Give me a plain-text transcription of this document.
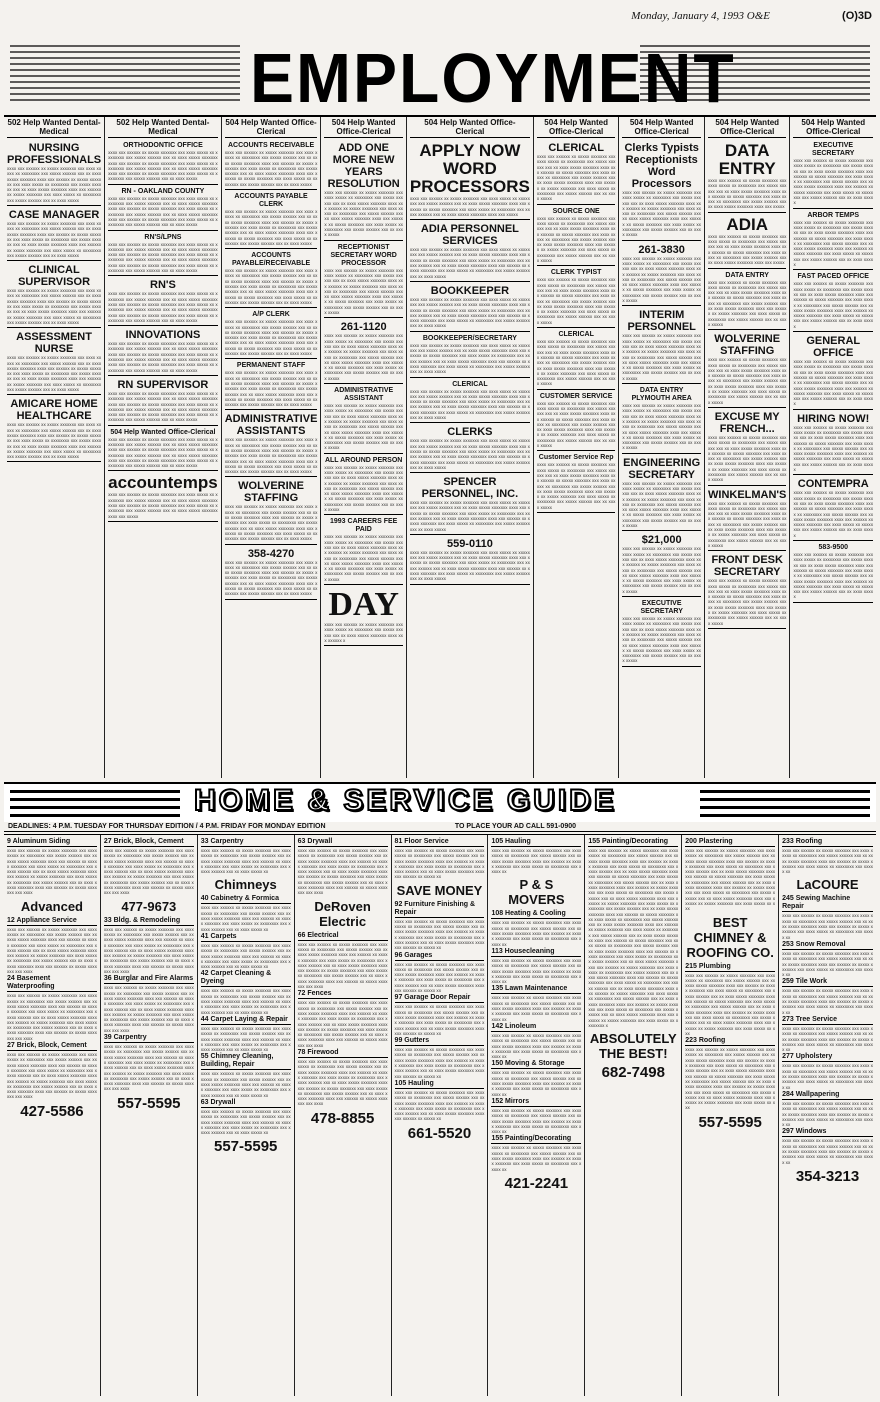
Monday, January 4, 1993 O&E	(O)3D
EMPLOYMENT
502 Help Wanted Dental-Medical
NURSING PROFESSIONALS
xxxx xxx xxxxxx xx xxxxx xxxxxxx xxx xxxx xxxxx xx xxxxxxxx xxx xxxxx xxxxxx xxx xx xxxx xxxxx xxxxxxx xxxx xxx xxxxxx xx xxxxx xxxxxxx xxx xxxx xxxxx xx xxxxxxxx xxx xxxxx xxxxxx xxx xx xxxx xxxxx xxxxxxx xxxx xxx xxxxxx xx xxxxx xxxxxxx xxx xxxx xxxxx xx xxxxxxxx xxx xxxxx xxxxxx xxx xx xxxx xxxxx
CASE MANAGER
xxxx xxx xxxxxx xx xxxxx xxxxxxx xxx xxxx xxxxx xx xxxxxxxx xxx xxxxx xxxxxx xxx xx xxxx xxxxx xxxxxxx xxxx xxx xxxxxx xx xxxxx xxxxxxx xxx xxxx xxxxx xx xxxxxxxx xxx xxxxx xxxxxx xxx xx xxxx xxxxx xxxxxxx xxxx xxx xxxxxx xx xxxxx xxxxxxx xxx xxxx xxxxx xx xxxxxxxx xxx xxxxx xxxxxx xxx xx xxxx xxxxx
CLINICAL SUPERVISOR
xxxx xxx xxxxxx xx xxxxx xxxxxxx xxx xxxx xxxxx xx xxxxxxxx xxx xxxxx xxxxxx xxx xx xxxx xxxxx xxxxxxx xxxx xxx xxxxxx xx xxxxx xxxxxxx xxx xxxx xxxxx xx xxxxxxxx xxx xxxxx xxxxxx xxx xx xxxx xxxxx xxxxxxx xxxx xxx xxxxxx xx xxxxx xxxxxxx xxx xxxx xxxxx xx xxxxxxxx xxx xxxxx xxxxxx xxx xx xxxx xxxxx
ASSESSMENT NURSE
xxxx xxx xxxxxx xx xxxxx xxxxxxx xxx xxxx xxxxx xx xxxxxxxx xxx xxxxx xxxxxx xxx xx xxxx xxxxx xxxxxxx xxxx xxx xxxxxx xx xxxxx xxxxxxx xxx xxxx xxxxx xx xxxxxxxx xxx xxxxx xxxxxx xxx xx xxxx xxxxx xxxxxxx xxxx xxx xxxxxx xx xxxxx xxxxxxx xxx xxxx xxxxx xx xxxxxxxx xxx xxxxx xxxxxx xxx xx xxxx xxxxx
AMICARE HOME HEALTHCARE
xxxx xxx xxxxxx xx xxxxx xxxxxxx xxx xxxx xxxxx xx xxxxxxxx xxx xxxxx xxxxxx xxx xx xxxx xxxxx xxxxxxx xxxx xxx xxxxxx xx xxxxx xxxxxxx xxx xxxx xxxxx xx xxxxxxxx xxx xxxxx xxxxxx xxx xx xxxx xxxxx xxxxxxx xxxx xxx xxxxxx xx xxxxx xxxxxxx xxx xxxx xxxxx xx xxxxxxxx xxx xxxxx xxxxxx xxx xx xxxx xxxxx
502 Help Wanted Dental-Medical
ORTHODONTIC OFFICE
xxxx xxx xxxxxx xx xxxxx xxxxxxx xxx xxxx xxxxx xx xxxxxxxx xxx xxxxx xxxxxx xxx xx xxxx xxxxx xxxxxxx xxxx xxx xxxxxx xx xxxxx xxxxxxx xxx xxxx xxxxx xx xxxxxxxx xxx xxxxx xxxxxx xxx xx xxxx xxxxx xxxxxxx xxxx xxx xxxxxx xx xxxxx xxxxxxx xxx xxxx xxxxx xx xxxxxxxx xxx xxxxx xxxxxx xxx xx xxxx xxxxx
RN - OAKLAND COUNTY
xxxx xxx xxxxxx xx xxxxx xxxxxxx xxx xxxx xxxxx xx xxxxxxxx xxx xxxxx xxxxxx xxx xx xxxx xxxxx xxxxxxx xxxx xxx xxxxxx xx xxxxx xxxxxxx xxx xxxx xxxxx xx xxxxxxxx xxx xxxxx xxxxxx xxx xx xxxx xxxxx xxxxxxx xxxx xxx xxxxxx xx xxxxx xxxxxxx xxx xxxx xxxxx xx xxxxxxxx xxx xxxxx xxxxxx xxx xx xxxx xxxxx
RN'S/LPNS
xxxx xxx xxxxxx xx xxxxx xxxxxxx xxx xxxx xxxxx xx xxxxxxxx xxx xxxxx xxxxxx xxx xx xxxx xxxxx xxxxxxx xxxx xxx xxxxxx xx xxxxx xxxxxxx xxx xxxx xxxxx xx xxxxxxxx xxx xxxxx xxxxxx xxx xx xxxx xxxxx xxxxxxx xxxx xxx xxxxxx xx xxxxx xxxxxxx xxx xxxx xxxxx xx xxxxxxxx xxx xxxxx xxxxxx xxx xx xxxx xxxxx
RN'S
xxxx xxx xxxxxx xx xxxxx xxxxxxx xxx xxxx xxxxx xx xxxxxxxx xxx xxxxx xxxxxx xxx xx xxxx xxxxx xxxxxxx xxxx xxx xxxxxx xx xxxxx xxxxxxx xxx xxxx xxxxx xx xxxxxxxx xxx xxxxx xxxxxx xxx xx xxxx xxxxx xxxxxxx xxxx xxx xxxxxx xx xxxxx xxxxxxx xxx xxxx xxxxx xx xxxxxxxx xxx xxxxx xxxxxx xxx xx xxxx xxxxx
INNOVATIONS
xxxx xxx xxxxxx xx xxxxx xxxxxxx xxx xxxx xxxxx xx xxxxxxxx xxx xxxxx xxxxxx xxx xx xxxx xxxxx xxxxxxx xxxx xxx xxxxxx xx xxxxx xxxxxxx xxx xxxx xxxxx xx xxxxxxxx xxx xxxxx xxxxxx xxx xx xxxx xxxxx xxxxxxx xxxx xxx xxxxxx xx xxxxx xxxxxxx xxx xxxx xxxxx xx xxxxxxxx xxx xxxxx xxxxxx xxx xx xxxx xxxxx
RN SUPERVISOR
xxxx xxx xxxxxx xx xxxxx xxxxxxx xxx xxxx xxxxx xx xxxxxxxx xxx xxxxx xxxxxx xxx xx xxxx xxxxx xxxxxxx xxxx xxx xxxxxx xx xxxxx xxxxxxx xxx xxxx xxxxx xx xxxxxxxx xxx xxxxx xxxxxx xxx xx xxxx xxxxx xxxxxxx xxxx xxx xxxxxx xx xxxxx xxxxxxx xxx xxxx xxxxx xx xxxxxxxx xxx xxxxx xxxxxx xxx xx xxxx xxxxx
504 Help Wanted Office-Clerical
xxxx xxx xxxxxx xx xxxxx xxxxxxx xxx xxxx xxxxx xx xxxxxxxx xxx xxxxx xxxxxx xxx xx xxxx xxxxx xxxxxxx xxxx xxx xxxxxx xx xxxxx xxxxxxx xxx xxxx xxxxx xx xxxxxxxx xxx xxxxx xxxxxx xxx xx xxxx xxxxx xxxxxxx xxxx xxx xxxxxx xx xxxxx xxxxxxx xxx xxxx xxxxx xx xxxxxxxx xxx xxxxx xxxxxx xxx xx xxxx xxxxx
accountemps
xxxx xxx xxxxxx xx xxxxx xxxxxxx xxx xxxx xxxxx xx xxxxxxxx xxx xxxxx xxxxxx xxx xx xxxx xxxxx xxxxxxx xxxx xxx xxxxxx xx xxxxx xxxxxxx xxx xxxx xxxxx xx xxxxxxxx xxx xxxxx xxxxxx xxx xx xxxx xxxxx xxxxxxx xxxx xxx xxxxx
504 Help Wanted Office-Clerical
ACCOUNTS RECEIVABLE
xxxx xxx xxxxxx xx xxxxx xxxxxxx xxx xxxx xxxxx xx xxxxxxxx xxx xxxxx xxxxxx xxx xx xxxx xxxxx xxxxxxx xxxx xxx xxxxxx xx xxxxx xxxxxxx xxx xxxx xxxxx xx xxxxxxxx xxx xxxxx xxxxxx xxx xx xxxx xxxxx xxxxxxx xxxx xxx xxxxxx xx xxxxx xxxxxxx xxx xxxx xxxxx xx xxxxxxxx xxx xxxxx xxxxxx xxx xx xxxx xxxxx
ACCOUNTS PAYABLE CLERK
xxxx xxx xxxxxx xx xxxxx xxxxxxx xxx xxxx xxxxx xx xxxxxxxx xxx xxxxx xxxxxx xxx xx xxxx xxxxx xxxxxxx xxxx xxx xxxxxx xx xxxxx xxxxxxx xxx xxxx xxxxx xx xxxxxxxx xxx xxxxx xxxxxx xxx xx xxxx xxxxx xxxxxxx xxxx xxx xxxxxx xx xxxxx xxxxxxx xxx xxxx xxxxx xx xxxxxxxx xxx xxxxx xxxxxx xxx xx xxxx xxxxx
ACCOUNTS PAYABLE/RECEIVABLE
xxxx xxx xxxxxx xx xxxxx xxxxxxx xxx xxxx xxxxx xx xxxxxxxx xxx xxxxx xxxxxx xxx xx xxxx xxxxx xxxxxxx xxxx xxx xxxxxx xx xxxxx xxxxxxx xxx xxxx xxxxx xx xxxxxxxx xxx xxxxx xxxxxx xxx xx xxxx xxxxx xxxxxxx xxxx xxx xxxxxx xx xxxxx xxxxxxx xxx xxxx xxxxx xx xxxxxxxx xxx xxxxx xxxxxx xxx xx xxxx xxxxx
A/P CLERK
xxxx xxx xxxxxx xx xxxxx xxxxxxx xxx xxxx xxxxx xx xxxxxxxx xxx xxxxx xxxxxx xxx xx xxxx xxxxx xxxxxxx xxxx xxx xxxxxx xx xxxxx xxxxxxx xxx xxxx xxxxx xx xxxxxxxx xxx xxxxx xxxxxx xxx xx xxxx xxxxx xxxxxxx xxxx xxx xxxxxx xx xxxxx xxxxxxx xxx xxxx xxxxx xx xxxxxxxx xxx xxxxx xxxxxx xxx xx xxxx xxxxx
PERMANENT STAFF
xxxx xxx xxxxxx xx xxxxx xxxxxxx xxx xxxx xxxxx xx xxxxxxxx xxx xxxxx xxxxxx xxx xx xxxx xxxxx xxxxxxx xxxx xxx xxxxxx xx xxxxx xxxxxxx xxx xxxx xxxxx xx xxxxxxxx xxx xxxxx xxxxxx xxx xx xxxx xxxxx xxxxxxx xxxx xxx xxxxxx xx xxxxx xxxxxxx xxx xxxx xxxxx xx xxxxxxxx xxx xxxxx xxxxxx xxx xx xxxx xxxxx
ADMINISTRATIVE ASSISTANTS
xxxx xxx xxxxxx xx xxxxx xxxxxxx xxx xxxx xxxxx xx xxxxxxxx xxx xxxxx xxxxxx xxx xx xxxx xxxxx xxxxxxx xxxx xxx xxxxxx xx xxxxx xxxxxxx xxx xxxx xxxxx xx xxxxxxxx xxx xxxxx xxxxxx xxx xx xxxx xxxxx xxxxxxx xxxx xxx xxxxxx xx xxxxx xxxxxxx xxx xxxx xxxxx xx xxxxxxxx xxx xxxxx xxxxxx xxx xx xxxx xxxxx
WOLVERINE STAFFING
xxxx xxx xxxxxx xx xxxxx xxxxxxx xxx xxxx xxxxx xx xxxxxxxx xxx xxxxx xxxxxx xxx xx xxxx xxxxx xxxxxxx xxxx xxx xxxxxx xx xxxxx xxxxxxx xxx xxxx xxxxx xx xxxxxxxx xxx xxxxx xxxxxx xxx xx xxxx xxxxx xxxxxxx xxxx xxx xxxxxx xx xxxxx xxxxxxx xxx xxxx xxxxx xx xxxxxxxx xxx xxxxx xxxxxx xxx xx xxxx xxxxx
358-4270
xxxx xxx xxxxxx xx xxxxx xxxxxxx xxx xxxx xxxxx xx xxxxxxxx xxx xxxxx xxxxxx xxx xx xxxx xxxxx xxxxxxx xxxx xxx xxxxxx xx xxxxx xxxxxxx xxx xxxx xxxxx xx xxxxxxxx xxx xxxxx xxxxxx xxx xx xxxx xxxxx xxxxxxx xxxx xxx xxxxxx xx xxxxx xxxxxxx xxx xxxx xxxxx xx xxxxxxxx xxx xxxxx xxxxxx xxx xx xxxx xxxxx
504 Help Wanted Office-Clerical
ADD ONE MORE NEW YEARS RESOLUTION
xxxx xxx xxxxxx xx xxxxx xxxxxxx xxx xxxx xxxxx xx xxxxxxxx xxx xxxxx xxxxxx xxx xx xxxx xxxxx xxxxxxx xxxx xxx xxxxxx xx xxxxx xxxxxxx xxx xxxx xxxxx xx xxxxxxxx xxx xxxxx xxxxxx xxx xx xxxx xxxxx xxxxxxx xxxx xxx xxxxxx xx xxxxx xxxxxxx xxx xxxx xxxxx xx xxxxxxxx xxx xxxxx xxxxxx xxx xx xxxx xxxxx
RECEPTIONIST SECRETARY WORD PROCESSOR
xxxx xxx xxxxxx xx xxxxx xxxxxxx xxx xxxx xxxxx xx xxxxxxxx xxx xxxxx xxxxxx xxx xx xxxx xxxxx xxxxxxx xxxx xxx xxxxxx xx xxxxx xxxxxxx xxx xxxx xxxxx xx xxxxxxxx xxx xxxxx xxxxxx xxx xx xxxx xxxxx xxxxxxx xxxx xxx xxxxxx xx xxxxx xxxxxxx xxx xxxx xxxxx xx xxxxxxxx xxx xxxxx xxxxxx xxx xx xxxx xxxxx
261-1120
xxxx xxx xxxxxx xx xxxxx xxxxxxx xxx xxxx xxxxx xx xxxxxxxx xxx xxxxx xxxxxx xxx xx xxxx xxxxx xxxxxxx xxxx xxx xxxxxx xx xxxxx xxxxxxx xxx xxxx xxxxx xx xxxxxxxx xxx xxxxx xxxxxx xxx xx xxxx xxxxx xxxxxxx xxxx xxx xxxxxx xx xxxxx xxxxxxx xxx xxxx xxxxx xx xxxxxxxx xxx xxxxx xxxxxx xxx xx xxxx xxxxx
ADMINISTRATIVE ASSISTANT
xxxx xxx xxxxxx xx xxxxx xxxxxxx xxx xxxx xxxxx xx xxxxxxxx xxx xxxxx xxxxxx xxx xx xxxx xxxxx xxxxxxx xxxx xxx xxxxxx xx xxxxx xxxxxxx xxx xxxx xxxxx xx xxxxxxxx xxx xxxxx xxxxxx xxx xx xxxx xxxxx xxxxxxx xxxx xxx xxxxxx xx xxxxx xxxxxxx xxx xxxx xxxxx xx xxxxxxxx xxx xxxxx xxxxxx xxx xx xxxx xxxxx
ALL AROUND PERSON
xxxx xxx xxxxxx xx xxxxx xxxxxxx xxx xxxx xxxxx xx xxxxxxxx xxx xxxxx xxxxxx xxx xx xxxx xxxxx xxxxxxx xxxx xxx xxxxxx xx xxxxx xxxxxxx xxx xxxx xxxxx xx xxxxxxxx xxx xxxxx xxxxxx xxx xx xxxx xxxxx xxxxxxx xxxx xxx xxxxxx xx xxxxx xxxxxxx xxx xxxx xxxxx xx xxxxxxxx xxx xxxxx xxxxxx xxx xx xxxx xxxxx
1993 CAREERS FEE PAID
xxxx xxx xxxxxx xx xxxxx xxxxxxx xxx xxxx xxxxx xx xxxxxxxx xxx xxxxx xxxxxx xxx xx xxxx xxxxx xxxxxxx xxxx xxx xxxxxx xx xxxxx xxxxxxx xxx xxxx xxxxx xx xxxxxxxx xxx xxxxx xxxxxx xxx xx xxxx xxxxx xxxxxxx xxxx xxx xxxxxx xx xxxxx xxxxxxx xxx xxxx xxxxx xx xxxxxxxx xxx xxxxx xxxxxx xxx xx xxxx xxxxx
DAY
xxxx xxx xxxxxx xx xxxxx xxxxxxx xxx xxxx xxxxx xx xxxxxxxx xxx xxxxx xxxxxx xxx xx xxxx xxxxx xxxxxxx xxxx xxx xxxxxx x
504 Help Wanted Office-Clerical
APPLY NOW WORD PROCESSORS
xxxx xxx xxxxxx xx xxxxx xxxxxxx xxx xxxx xxxxx xx xxxxxxxx xxx xxxxx xxxxxx xxx xx xxxx xxxxx xxxxxxx xxxx xxx xxxxxx xx xxxxx xxxxxxx xxx xxxx xxxxx xx xxxxxxxx xxx xxxxx xxxxxx xxx xx xxxx xxxxx xxxxxxx xxxx xxx xxxxx
ADIA PERSONNEL SERVICES
xxxx xxx xxxxxx xx xxxxx xxxxxxx xxx xxxx xxxxx xx xxxxxxxx xxx xxxxx xxxxxx xxx xx xxxx xxxxx xxxxxxx xxxx xxx xxxxxx xx xxxxx xxxxxxx xxx xxxx xxxxx xx xxxxxxxx xxx xxxxx xxxxxx xxx xx xxxx xxxxx xxxxxxx xxxx xxx xxxxxx xx xxxxx xxxxxxx xxx xxxx xxxxx xx xxxxxxxx xxx xxxxx xxxxxx xxx xx xxxx xxxxx
BOOKKEEPER
xxxx xxx xxxxxx xx xxxxx xxxxxxx xxx xxxx xxxxx xx xxxxxxxx xxx xxxxx xxxxxx xxx xx xxxx xxxxx xxxxxxx xxxx xxx xxxxxx xx xxxxx xxxxxxx xxx xxxx xxxxx xx xxxxxxxx xxx xxxxx xxxxxx xxx xx xxxx xxxxx xxxxxxx xxxx xxx xxxxxx xx xxxxx xxxxxxx xxx xxxx xxxxx xx xxxxxxxx xxx xxxxx xxxxxx xxx xx xxxx xxxxx
BOOKKEEPER/SECRETARY
xxxx xxx xxxxxx xx xxxxx xxxxxxx xxx xxxx xxxxx xx xxxxxxxx xxx xxxxx xxxxxx xxx xx xxxx xxxxx xxxxxxx xxxx xxx xxxxxx xx xxxxx xxxxxxx xxx xxxx xxxxx xx xxxxxxxx xxx xxxxx xxxxxx xxx xx xxxx xxxxx xxxxxxx xxxx xxx xxxxxx xx xxxxx xxxxxxx xxx xxxx xxxxx xx xxxxxxxx xxx xxxxx xxxxxx xxx xx xxxx xxxxx
CLERICAL
xxxx xxx xxxxxx xx xxxxx xxxxxxx xxx xxxx xxxxx xx xxxxxxxx xxx xxxxx xxxxxx xxx xx xxxx xxxxx xxxxxxx xxxx xxx xxxxxx xx xxxxx xxxxxxx xxx xxxx xxxxx xx xxxxxxxx xxx xxxxx xxxxxx xxx xx xxxx xxxxx xxxxxxx xxxx xxx xxxxxx xx xxxxx xxxxxxx xxx xxxx xxxxx xx xxxxxxxx xxx xxxxx xxxxxx xxx xx xxxx xxxxx
CLERKS
xxxx xxx xxxxxx xx xxxxx xxxxxxx xxx xxxx xxxxx xx xxxxxxxx xxx xxxxx xxxxxx xxx xx xxxx xxxxx xxxxxxx xxxx xxx xxxxxx xx xxxxx xxxxxxx xxx xxxx xxxxx xx xxxxxxxx xxx xxxxx xxxxxx xxx xx xxxx xxxxx xxxxxxx xxxx xxx xxxxxx xx xxxxx xxxxxxx xxx xxxx xxxxx xx xxxxxxxx xxx xxxxx xxxxxx xxx xx xxxx xxxxx
SPENCER PERSONNEL, INC.
xxxx xxx xxxxxx xx xxxxx xxxxxxx xxx xxxx xxxxx xx xxxxxxxx xxx xxxxx xxxxxx xxx xx xxxx xxxxx xxxxxxx xxxx xxx xxxxxx xx xxxxx xxxxxxx xxx xxxx xxxxx xx xxxxxxxx xxx xxxxx xxxxxx xxx xx xxxx xxxxx xxxxxxx xxxx xxx xxxxxx xx xxxxx xxxxxxx xxx xxxx xxxxx xx xxxxxxxx xxx xxxxx xxxxxx xxx xx xxxx xxxxx
559-0110
xxxx xxx xxxxxx xx xxxxx xxxxxxx xxx xxxx xxxxx xx xxxxxxxx xxx xxxxx xxxxxx xxx xx xxxx xxxxx xxxxxxx xxxx xxx xxxxxx xx xxxxx xxxxxxx xxx xxxx xxxxx xx xxxxxxxx xxx xxxxx xxxxxx xxx xx xxxx xxxxx xxxxxxx xxxx xxx xxxxxx xx xxxxx xxxxxxx xxx xxxx xxxxx xx xxxxxxxx xxx xxxxx xxxxxx xxx xx xxxx xxxxx
504 Help Wanted Office-Clerical
CLERICAL
xxxx xxx xxxxxx xx xxxxx xxxxxxx xxx xxxx xxxxx xx xxxxxxxx xxx xxxxx xxxxxx xxx xx xxxx xxxxx xxxxxxx xxxx xxx xxxxxx xx xxxxx xxxxxxx xxx xxxx xxxxx xx xxxxxxxx xxx xxxxx xxxxxx xxx xx xxxx xxxxx xxxxxxx xxxx xxx xxxxxx xx xxxxx xxxxxxx xxx xxxx xxxxx xx xxxxxxxx xxx xxxxx xxxxxx xxx xx xxxx xxxxx
SOURCE ONE
xxxx xxx xxxxxx xx xxxxx xxxxxxx xxx xxxx xxxxx xx xxxxxxxx xxx xxxxx xxxxxx xxx xx xxxx xxxxx xxxxxxx xxxx xxx xxxxxx xx xxxxx xxxxxxx xxx xxxx xxxxx xx xxxxxxxx xxx xxxxx xxxxxx xxx xx xxxx xxxxx xxxxxxx xxxx xxx xxxxxx xx xxxxx xxxxxxx xxx xxxx xxxxx xx xxxxxxxx xxx xxxxx xxxxxx xxx xx xxxx xxxxx
CLERK TYPIST
xxxx xxx xxxxxx xx xxxxx xxxxxxx xxx xxxx xxxxx xx xxxxxxxx xxx xxxxx xxxxxx xxx xx xxxx xxxxx xxxxxxx xxxx xxx xxxxxx xx xxxxx xxxxxxx xxx xxxx xxxxx xx xxxxxxxx xxx xxxxx xxxxxx xxx xx xxxx xxxxx xxxxxxx xxxx xxx xxxxxx xx xxxxx xxxxxxx xxx xxxx xxxxx xx xxxxxxxx xxx xxxxx xxxxxx xxx xx xxxx xxxxx
CLERICAL
xxxx xxx xxxxxx xx xxxxx xxxxxxx xxx xxxx xxxxx xx xxxxxxxx xxx xxxxx xxxxxx xxx xx xxxx xxxxx xxxxxxx xxxx xxx xxxxxx xx xxxxx xxxxxxx xxx xxxx xxxxx xx xxxxxxxx xxx xxxxx xxxxxx xxx xx xxxx xxxxx xxxxxxx xxxx xxx xxxxxx xx xxxxx xxxxxxx xxx xxxx xxxxx xx xxxxxxxx xxx xxxxx xxxxxx xxx xx xxxx xxxxx
CUSTOMER SERVICE
xxxx xxx xxxxxx xx xxxxx xxxxxxx xxx xxxx xxxxx xx xxxxxxxx xxx xxxxx xxxxxx xxx xx xxxx xxxxx xxxxxxx xxxx xxx xxxxxx xx xxxxx xxxxxxx xxx xxxx xxxxx xx xxxxxxxx xxx xxxxx xxxxxx xxx xx xxxx xxxxx xxxxxxx xxxx xxx xxxxxx xx xxxxx xxxxxxx xxx xxxx xxxxx xx xxxxxxxx xxx xxxxx xxxxxx xxx xx xxxx xxxxx
Customer Service Rep
xxxx xxx xxxxxx xx xxxxx xxxxxxx xxx xxxx xxxxx xx xxxxxxxx xxx xxxxx xxxxxx xxx xx xxxx xxxxx xxxxxxx xxxx xxx xxxxxx xx xxxxx xxxxxxx xxx xxxx xxxxx xx xxxxxxxx xxx xxxxx xxxxxx xxx xx xxxx xxxxx xxxxxxx xxxx xxx xxxxxx xx xxxxx xxxxxxx xxx xxxx xxxxx xx xxxxxxxx xxx xxxxx xxxxxx xxx xx xxxx xxxxx
504 Help Wanted Office-Clerical
Clerks Typists Receptionists Word Processors
xxxx xxx xxxxxx xx xxxxx xxxxxxx xxx xxxx xxxxx xx xxxxxxxx xxx xxxxx xxxxxx xxx xx xxxx xxxxx xxxxxxx xxxx xxx xxxxxx xx xxxxx xxxxxxx xxx xxxx xxxxx xx xxxxxxxx xxx xxxxx xxxxxx xxx xx xxxx xxxxx xxxxxxx xxxx xxx xxxxxx xx xxxxx xxxxxxx xxx xxxx xxxxx xx xxxxxxxx xxx xxxxx xxxxxx xxx xx xxxx xxxxx
261-3830
xxxx xxx xxxxxx xx xxxxx xxxxxxx xxx xxxx xxxxx xx xxxxxxxx xxx xxxxx xxxxxx xxx xx xxxx xxxxx xxxxxxx xxxx xxx xxxxxx xx xxxxx xxxxxxx xxx xxxx xxxxx xx xxxxxxxx xxx xxxxx xxxxxx xxx xx xxxx xxxxx xxxxxxx xxxx xxx xxxxxx xx xxxxx xxxxxxx xxx xxxx xxxxx xx xxxxxxxx xxx xxxxx xxxxxx xxx xx xxxx xxxxx
INTERIM PERSONNEL
xxxx xxx xxxxxx xx xxxxx xxxxxxx xxx xxxx xxxxx xx xxxxxxxx xxx xxxxx xxxxxx xxx xx xxxx xxxxx xxxxxxx xxxx xxx xxxxxx xx xxxxx xxxxxxx xxx xxxx xxxxx xx xxxxxxxx xxx xxxxx xxxxxx xxx xx xxxx xxxxx xxxxxxx xxxx xxx xxxxxx xx xxxxx xxxxxxx xxx xxxx xxxxx xx xxxxxxxx xxx xxxxx xxxxxx xxx xx xxxx xxxxx
DATA ENTRY PLYMOUTH AREA
xxxx xxx xxxxxx xx xxxxx xxxxxxx xxx xxxx xxxxx xx xxxxxxxx xxx xxxxx xxxxxx xxx xx xxxx xxxxx xxxxxxx xxxx xxx xxxxxx xx xxxxx xxxxxxx xxx xxxx xxxxx xx xxxxxxxx xxx xxxxx xxxxxx xxx xx xxxx xxxxx xxxxxxx xxxx xxx xxxxxx xx xxxxx xxxxxxx xxx xxxx xxxxx xx xxxxxxxx xxx xxxxx xxxxxx xxx xx xxxx xxxxx
ENGINEERING SECRETARY
xxxx xxx xxxxxx xx xxxxx xxxxxxx xxx xxxx xxxxx xx xxxxxxxx xxx xxxxx xxxxxx xxx xx xxxx xxxxx xxxxxxx xxxx xxx xxxxxx xx xxxxx xxxxxxx xxx xxxx xxxxx xx xxxxxxxx xxx xxxxx xxxxxx xxx xx xxxx xxxxx xxxxxxx xxxx xxx xxxxxx xx xxxxx xxxxxxx xxx xxxx xxxxx xx xxxxxxxx xxx xxxxx xxxxxx xxx xx xxxx xxxxx
$21,000
xxxx xxx xxxxxx xx xxxxx xxxxxxx xxx xxxx xxxxx xx xxxxxxxx xxx xxxxx xxxxxx xxx xx xxxx xxxxx xxxxxxx xxxx xxx xxxxxx xx xxxxx xxxxxxx xxx xxxx xxxxx xx xxxxxxxx xxx xxxxx xxxxxx xxx xx xxxx xxxxx xxxxxxx xxxx xxx xxxxxx xx xxxxx xxxxxxx xxx xxxx xxxxx xx xxxxxxxx xxx xxxxx xxxxxx xxx xx xxxx xxxxx
EXECUTIVE SECRETARY
xxxx xxx xxxxxx xx xxxxx xxxxxxx xxx xxxx xxxxx xx xxxxxxxx xxx xxxxx xxxxxx xxx xx xxxx xxxxx xxxxxxx xxxx xxx xxxxxx xx xxxxx xxxxxxx xxx xxxx xxxxx xx xxxxxxxx xxx xxxxx xxxxxx xxx xx xxxx xxxxx xxxxxxx xxxx xxx xxxxxx xx xxxxx xxxxxxx xxx xxxx xxxxx xx xxxxxxxx xxx xxxxx xxxxxx xxx xx xxxx xxxxx
504 Help Wanted Office-Clerical
DATA ENTRY
xxxx xxx xxxxxx xx xxxxx xxxxxxx xxx xxxx xxxxx xx xxxxxxxx xxx xxxxx xxxxxx xxx xx xxxx xxxxx xxxxxxx xxxx xxx xxxxxx xx xxxxx xxxxxxx xxx xxxx xxxxx xx xxxxxxxx xxx xxxxx xxxxxx xxx xx xxxx xxxxx xxxxxxx xxxx xxx xxxxx
ADIA
xxxx xxx xxxxxx xx xxxxx xxxxxxx xxx xxxx xxxxx xx xxxxxxxx xxx xxxxx xxxxxx xxx xx xxxx xxxxx xxxxxxx xxxx xxx xxxxxx xx xxxxx xxxxxxx xxx xxxx xxxxx xx xxxxxxxx xxx xxxxx xxxxxx xxx xx xxxx xxxxx xxxxxxx xxxx xxx xxxxx
DATA ENTRY
xxxx xxx xxxxxx xx xxxxx xxxxxxx xxx xxxx xxxxx xx xxxxxxxx xxx xxxxx xxxxxx xxx xx xxxx xxxxx xxxxxxx xxxx xxx xxxxxx xx xxxxx xxxxxxx xxx xxxx xxxxx xx xxxxxxxx xxx xxxxx xxxxxx xxx xx xxxx xxxxx xxxxxxx xxxx xxx xxxxxx xx xxxxx xxxxxxx xxx xxxx xxxxx xx xxxxxxxx xxx xxxxx xxxxxx xxx xx xxxx xxxxx
WOLVERINE STAFFING
xxxx xxx xxxxxx xx xxxxx xxxxxxx xxx xxxx xxxxx xx xxxxxxxx xxx xxxxx xxxxxx xxx xx xxxx xxxxx xxxxxxx xxxx xxx xxxxxx xx xxxxx xxxxxxx xxx xxxx xxxxx xx xxxxxxxx xxx xxxxx xxxxxx xxx xx xxxx xxxxx xxxxxxx xxxx xxx xxxxxx xx xxxxx xxxxxxx xxx xxxx xxxxx xx xxxxxxxx xxx xxxxx xxxxxx xxx xx xxxx xxxxx
EXCUSE MY FRENCH...
xxxx xxx xxxxxx xx xxxxx xxxxxxx xxx xxxx xxxxx xx xxxxxxxx xxx xxxxx xxxxxx xxx xx xxxx xxxxx xxxxxxx xxxx xxx xxxxxx xx xxxxx xxxxxxx xxx xxxx xxxxx xx xxxxxxxx xxx xxxxx xxxxxx xxx xx xxxx xxxxx xxxxxxx xxxx xxx xxxxxx xx xxxxx xxxxxxx xxx xxxx xxxxx xx xxxxxxxx xxx xxxxx xxxxxx xxx xx xxxx xxxxx
WINKELMAN'S
xxxx xxx xxxxxx xx xxxxx xxxxxxx xxx xxxx xxxxx xx xxxxxxxx xxx xxxxx xxxxxx xxx xx xxxx xxxxx xxxxxxx xxxx xxx xxxxxx xx xxxxx xxxxxxx xxx xxxx xxxxx xx xxxxxxxx xxx xxxxx xxxxxx xxx xx xxxx xxxxx xxxxxxx xxxx xxx xxxxxx xx xxxxx xxxxxxx xxx xxxx xxxxx xx xxxxxxxx xxx xxxxx xxxxxx xxx xx xxxx xxxxx
FRONT DESK SECRETARY
xxxx xxx xxxxxx xx xxxxx xxxxxxx xxx xxxx xxxxx xx xxxxxxxx xxx xxxxx xxxxxx xxx xx xxxx xxxxx xxxxxxx xxxx xxx xxxxxx xx xxxxx xxxxxxx xxx xxxx xxxxx xx xxxxxxxx xxx xxxxx xxxxxx xxx xx xxxx xxxxx xxxxxxx xxxx xxx xxxxxx xx xxxxx xxxxxxx xxx xxxx xxxxx xx xxxxxxxx xxx xxxxx xxxxxx xxx xx xxxx xxxxx
504 Help Wanted Office-Clerical
EXECUTIVE SECRETARY
xxxx xxx xxxxxx xx xxxxx xxxxxxx xxx xxxx xxxxx xx xxxxxxxx xxx xxxxx xxxxxx xxx xx xxxx xxxxx xxxxxxx xxxx xxx xxxxxx xx xxxxx xxxxxxx xxx xxxx xxxxx xx xxxxxxxx xxx xxxxx xxxxxx xxx xx xxxx xxxxx xxxxxxx xxxx xxx xxxxxx xx xxxxx xxxxxxx xxx xxxx xxxxx xx xxxxxxxx xxx xxxxx xxxxxx xxx xx xxxx xxxxx
ARBOR TEMPS
xxxx xxx xxxxxx xx xxxxx xxxxxxx xxx xxxx xxxxx xx xxxxxxxx xxx xxxxx xxxxxx xxx xx xxxx xxxxx xxxxxxx xxxx xxx xxxxxx xx xxxxx xxxxxxx xxx xxxx xxxxx xx xxxxxxxx xxx xxxxx xxxxxx xxx xx xxxx xxxxx xxxxxxx xxxx xxx xxxxxx xx xxxxx xxxxxxx xxx xxxx xxxxx xx xxxxxxxx xxx xxxxx xxxxxx xxx xx xxxx xxxxx
FAST PACED OFFICE
xxxx xxx xxxxxx xx xxxxx xxxxxxx xxx xxxx xxxxx xx xxxxxxxx xxx xxxxx xxxxxx xxx xx xxxx xxxxx xxxxxxx xxxx xxx xxxxxx xx xxxxx xxxxxxx xxx xxxx xxxxx xx xxxxxxxx xxx xxxxx xxxxxx xxx xx xxxx xxxxx xxxxxxx xxxx xxx xxxxxx xx xxxxx xxxxxxx xxx xxxx xxxxx xx xxxxxxxx xxx xxxxx xxxxxx xxx xx xxxx xxxxx
GENERAL OFFICE
xxxx xxx xxxxxx xx xxxxx xxxxxxx xxx xxxx xxxxx xx xxxxxxxx xxx xxxxx xxxxxx xxx xx xxxx xxxxx xxxxxxx xxxx xxx xxxxxx xx xxxxx xxxxxxx xxx xxxx xxxxx xx xxxxxxxx xxx xxxxx xxxxxx xxx xx xxxx xxxxx xxxxxxx xxxx xxx xxxxxx xx xxxxx xxxxxxx xxx xxxx xxxxx xx xxxxxxxx xxx xxxxx xxxxxx xxx xx xxxx xxxxx
HIRING NOW!
xxxx xxx xxxxxx xx xxxxx xxxxxxx xxx xxxx xxxxx xx xxxxxxxx xxx xxxxx xxxxxx xxx xx xxxx xxxxx xxxxxxx xxxx xxx xxxxxx xx xxxxx xxxxxxx xxx xxxx xxxxx xx xxxxxxxx xxx xxxxx xxxxxx xxx xx xxxx xxxxx xxxxxxx xxxx xxx xxxxxx xx xxxxx xxxxxxx xxx xxxx xxxxx xx xxxxxxxx xxx xxxxx xxxxxx xxx xx xxxx xxxxx
CONTEMPRA
xxxx xxx xxxxxx xx xxxxx xxxxxxx xxx xxxx xxxxx xx xxxxxxxx xxx xxxxx xxxxxx xxx xx xxxx xxxxx xxxxxxx xxxx xxx xxxxxx xx xxxxx xxxxxxx xxx xxxx xxxxx xx xxxxxxxx xxx xxxxx xxxxxx xxx xx xxxx xxxxx xxxxxxx xxxx xxx xxxxxx xx xxxxx xxxxxxx xxx xxxx xxxxx xx xxxxxxxx xxx xxxxx xxxxxx xxx xx xxxx xxxxx
583-9500
xxxx xxx xxxxxx xx xxxxx xxxxxxx xxx xxxx xxxxx xx xxxxxxxx xxx xxxxx xxxxxx xxx xx xxxx xxxxx xxxxxxx xxxx xxx xxxxxx xx xxxxx xxxxxxx xxx xxxx xxxxx xx xxxxxxxx xxx xxxxx xxxxxx xxx xx xxxx xxxxx xxxxxxx xxxx xxx xxxxxx xx xxxxx xxxxxxx xxx xxxx xxxxx xx xxxxxxxx xxx xxxxx xxxxxx xxx xx xxxx xxxxx
HOME & SERVICE GUIDE
DEADLINES: 4 P.M. TUESDAY FOR THURSDAY EDITION / 4 P.M. FRIDAY FOR MONDAY EDITION	TO PLACE YOUR AD CALL 591-0900
9 Aluminum Siding
xxxx xxx xxxxxx xx xxxxx xxxxxxx xxx xxxx xxxxx xx xxxxxxxx xxx xxxxx xxxxxx xxx xx xxxx xxxxx xxxxxxx xxxx xxx xxxxxx xx xxxxx xxxxxxx xxx xxxx xxxxx xx xxxxxxxx xxx xxxxx xxxxxx xxx xx xxxx xxxxx xxxxxxx xxxx xxx xxxxxx xx xxxxx xxxxxxx xxx xxxx xxxxx xx xxxxxxxx xxx xxxxx xxxxxx xxx xx xxxx xxxxx xxxxxxx xxxx xxx xxxxxx xx xxxxx xxxxxxx xxx xxxx
Advanced
12 Appliance Service
xxxx xxx xxxxxx xx xxxxx xxxxxxx xxx xxxx xxxxx xx xxxxxxxx xxx xxxxx xxxxxx xxx xx xxxx xxxxx xxxxxxx xxxx xxx xxxxxx xx xxxxx xxxxxxx xxx xxxx xxxxx xx xxxxxxxx xxx xxxxx xxxxxx xxx xx xxxx xxxxx xxxxxxx xxxx xxx xxxxxx xx xxxxx xxxxxxx xxx xxxx xxxxx xx xxxxxxxx xxx xxxxx xxxxxx xxx xx xxxx xxxxx xxxxxxx xxxx xxx xxxxxx xx xxxxx xxxxxxx xxx xxxx
24 Basement Waterproofing
xxxx xxx xxxxxx xx xxxxx xxxxxxx xxx xxxx xxxxx xx xxxxxxxx xxx xxxxx xxxxxx xxx xx xxxx xxxxx xxxxxxx xxxx xxx xxxxxx xx xxxxx xxxxxxx xxx xxxx xxxxx xx xxxxxxxx xxx xxxxx xxxxxx xxx xx xxxx xxxxx xxxxxxx xxxx xxx xxxxxx xx xxxxx xxxxxxx xxx xxxx xxxxx xx xxxxxxxx xxx xxxxx xxxxxx xxx xx xxxx xxxxx xxxxxxx xxxx xxx xxxxxx xx xxxxx xxxxxxx xxx xxxx
27 Brick, Block, Cement
xxxx xxx xxxxxx xx xxxxx xxxxxxx xxx xxxx xxxxx xx xxxxxxxx xxx xxxxx xxxxxx xxx xx xxxx xxxxx xxxxxxx xxxx xxx xxxxxx xx xxxxx xxxxxxx xxx xxxx xxxxx xx xxxxxxxx xxx xxxxx xxxxxx xxx xx xxxx xxxxx xxxxxxx xxxx xxx xxxxxx xx xxxxx xxxxxxx xxx xxxx xxxxx xx xxxxxxxx xxx xxxxx xxxxxx xxx xx xxxx xxxxx xxxxxxx xxxx xxx xxxxxx xx xxxxx xxxxxxx xxx xxxx
427-5586
27 Brick, Block, Cement
xxxx xxx xxxxxx xx xxxxx xxxxxxx xxx xxxx xxxxx xx xxxxxxxx xxx xxxxx xxxxxx xxx xx xxxx xxxxx xxxxxxx xxxx xxx xxxxxx xx xxxxx xxxxxxx xxx xxxx xxxxx xx xxxxxxxx xxx xxxxx xxxxxx xxx xx xxxx xxxxx xxxxxxx xxxx xxx xxxxxx xx xxxxx xxxxxxx xxx xxxx xxxxx xx xxxxxxxx xxx xxxxx xxxxxx xxx xx xxxx xxxxx xxxxxxx xxxx xxx xxxxxx xx xxxxx xxxxxxx xxx xxxx
477-9673
33 Bldg. & Remodeling
xxxx xxx xxxxxx xx xxxxx xxxxxxx xxx xxxx xxxxx xx xxxxxxxx xxx xxxxx xxxxxx xxx xx xxxx xxxxx xxxxxxx xxxx xxx xxxxxx xx xxxxx xxxxxxx xxx xxxx xxxxx xx xxxxxxxx xxx xxxxx xxxxxx xxx xx xxxx xxxxx xxxxxxx xxxx xxx xxxxxx xx xxxxx xxxxxxx xxx xxxx xxxxx xx xxxxxxxx xxx xxxxx xxxxxx xxx xx xxxx xxxxx xxxxxxx xxxx xxx xxxxxx xx xxxxx xxxxxxx xxx xxxx
36 Burglar and Fire Alarms
xxxx xxx xxxxxx xx xxxxx xxxxxxx xxx xxxx xxxxx xx xxxxxxxx xxx xxxxx xxxxxx xxx xx xxxx xxxxx xxxxxxx xxxx xxx xxxxxx xx xxxxx xxxxxxx xxx xxxx xxxxx xx xxxxxxxx xxx xxxxx xxxxxx xxx xx xxxx xxxxx xxxxxxx xxxx xxx xxxxxx xx xxxxx xxxxxxx xxx xxxx xxxxx xx xxxxxxxx xxx xxxxx xxxxxx xxx xx xxxx xxxxx xxxxxxx xxxx xxx xxxxxx xx xxxxx xxxxxxx xxx xxxx
39 Carpentry
xxxx xxx xxxxxx xx xxxxx xxxxxxx xxx xxxx xxxxx xx xxxxxxxx xxx xxxxx xxxxxx xxx xx xxxx xxxxx xxxxxxx xxxx xxx xxxxxx xx xxxxx xxxxxxx xxx xxxx xxxxx xx xxxxxxxx xxx xxxxx xxxxxx xxx xx xxxx xxxxx xxxxxxx xxxx xxx xxxxxx xx xxxxx xxxxxxx xxx xxxx xxxxx xx xxxxxxxx xxx xxxxx xxxxxx xxx xx xxxx xxxxx xxxxxxx xxxx xxx xxxxxx xx xxxxx xxxxxxx xxx xxxx
557-5595
33 Carpentry
xxxx xxx xxxxxx xx xxxxx xxxxxxx xxx xxxx xxxxx xx xxxxxxxx xxx xxxxx xxxxxx xxx xx xxxx xxxxx xxxxxxx xxxx xxx xxxxxx xx xxxxx xxxxxxx xxx xxxx xxxxx xx xxxxxxxx xxx xxxxx xxxxxx xxx xx xxxx xxxxx xx
Chimneys
40 Cabinetry & Formica
xxxx xxx xxxxxx xx xxxxx xxxxxxx xxx xxxx xxxxx xx xxxxxxxx xxx xxxxx xxxxxx xxx xx xxxx xxxxx xxxxxxx xxxx xxx xxxxxx xx xxxxx xxxxxxx xxx xxxx xxxxx xx xxxxxxxx xxx xxxxx xxxxxx xxx xx xxxx xxxxx xx
41 Carpets
xxxx xxx xxxxxx xx xxxxx xxxxxxx xxx xxxx xxxxx xx xxxxxxxx xxx xxxxx xxxxxx xxx xx xxxx xxxxx xxxxxxx xxxx xxx xxxxxx xx xxxxx xxxxxxx xxx xxxx xxxxx xx xxxxxxxx xxx xxxxx xxxxxx xxx xx xxxx xxxxx xx
42 Carpet Cleaning & Dyeing
xxxx xxx xxxxxx xx xxxxx xxxxxxx xxx xxxx xxxxx xx xxxxxxxx xxx xxxxx xxxxxx xxx xx xxxx xxxxx xxxxxxx xxxx xxx xxxxxx xx xxxxx xxxxxxx xxx xxxx xxxxx xx xxxxxxxx xxx xxxxx xxxxxx xxx xx xxxx xxxxx xx
44 Carpet Laying & Repair
xxxx xxx xxxxxx xx xxxxx xxxxxxx xxx xxxx xxxxx xx xxxxxxxx xxx xxxxx xxxxxx xxx xx xxxx xxxxx xxxxxxx xxxx xxx xxxxxx xx xxxxx xxxxxxx xxx xxxx xxxxx xx xxxxxxxx xxx xxxxx xxxxxx xxx xx xxxx xxxxx xx
55 Chimney Cleaning, Building, Repair
xxxx xxx xxxxxx xx xxxxx xxxxxxx xxx xxxx xxxxx xx xxxxxxxx xxx xxxxx xxxxxx xxx xx xxxx xxxxx xxxxxxx xxxx xxx xxxxxx xx xxxxx xxxxxxx xxx xxxx xxxxx xx xxxxxxxx xxx xxxxx xxxxxx xxx xx xxxx xxxxx xx
63 Drywall
xxxx xxx xxxxxx xx xxxxx xxxxxxx xxx xxxx xxxxx xx xxxxxxxx xxx xxxxx xxxxxx xxx xx xxxx xxxxx xxxxxxx xxxx xxx xxxxxx xx xxxxx xxxxxxx xxx xxxx xxxxx xx xxxxxxxx xxx xxxxx xxxxxx xxx xx xxxx xxxxx xx
557-5595
63 Drywall
xxxx xxx xxxxxx xx xxxxx xxxxxxx xxx xxxx xxxxx xx xxxxxxxx xxx xxxxx xxxxxx xxx xx xxxx xxxxx xxxxxxx xxxx xxx xxxxxx xx xxxxx xxxxxxx xxx xxxx xxxxx xx xxxxxxxx xxx xxxxx xxxxxx xxx xx xxxx xxxxx xxxxxxx xxxx xxx xxxxxx xx xxxxx xxxxxxx xxx xxxx xxxxx xx xxxxxxxx xxx xxxxx xxxxxx xxx xx xxxx xxxxx xxxxxxx xxxx xxx xxxxxx xx xxxxx xxxxxxx xxx xxxx
DeRoven Electric
66 Electrical
xxxx xxx xxxxxx xx xxxxx xxxxxxx xxx xxxx xxxxx xx xxxxxxxx xxx xxxxx xxxxxx xxx xx xxxx xxxxx xxxxxxx xxxx xxx xxxxxx xx xxxxx xxxxxxx xxx xxxx xxxxx xx xxxxxxxx xxx xxxxx xxxxxx xxx xx xxxx xxxxx xxxxxxx xxxx xxx xxxxxx xx xxxxx xxxxxxx xxx xxxx xxxxx xx xxxxxxxx xxx xxxxx xxxxxx xxx xx xxxx xxxxx xxxxxxx xxxx xxx xxxxxx xx xxxxx xxxxxxx xxx xxxx
72 Fences
xxxx xxx xxxxxx xx xxxxx xxxxxxx xxx xxxx xxxxx xx xxxxxxxx xxx xxxxx xxxxxx xxx xx xxxx xxxxx xxxxxxx xxxx xxx xxxxxx xx xxxxx xxxxxxx xxx xxxx xxxxx xx xxxxxxxx xxx xxxxx xxxxxx xxx xx xxxx xxxxx xxxxxxx xxxx xxx xxxxxx xx xxxxx xxxxxxx xxx xxxx xxxxx xx xxxxxxxx xxx xxxxx xxxxxx xxx xx xxxx xxxxx xxxxxxx xxxx xxx xxxxxx xx xxxxx xxxxxxx xxx xxxx
78 Firewood
xxxx xxx xxxxxx xx xxxxx xxxxxxx xxx xxxx xxxxx xx xxxxxxxx xxx xxxxx xxxxxx xxx xx xxxx xxxxx xxxxxxx xxxx xxx xxxxxx xx xxxxx xxxxxxx xxx xxxx xxxxx xx xxxxxxxx xxx xxxxx xxxxxx xxx xx xxxx xxxxx xxxxxxx xxxx xxx xxxxxx xx xxxxx xxxxxxx xxx xxxx xxxxx xx xxxxxxxx xxx xxxxx xxxxxx xxx xx xxxx xxxxx xxxxxxx xxxx xxx xxxxxx xx xxxxx xxxxxxx xxx xxxx
478-8855
81 Floor Service
xxxx xxx xxxxxx xx xxxxx xxxxxxx xxx xxxx xxxxx xx xxxxxxxx xxx xxxxx xxxxxx xxx xx xxxx xxxxx xxxxxxx xxxx xxx xxxxxx xx xxxxx xxxxxxx xxx xxxx xxxxx xx xxxxxxxx xxx xxxxx xxxxxx xxx xx xxxx xxxxx xxxxxxx xxxx xxx xxxxxx xx xxxxx xx
SAVE MONEY
92 Furniture Finishing & Repair
xxxx xxx xxxxxx xx xxxxx xxxxxxx xxx xxxx xxxxx xx xxxxxxxx xxx xxxxx xxxxxx xxx xx xxxx xxxxx xxxxxxx xxxx xxx xxxxxx xx xxxxx xxxxxxx xxx xxxx xxxxx xx xxxxxxxx xxx xxxxx xxxxxx xxx xx xxxx xxxxx xxxxxxx xxxx xxx xxxxxx xx xxxxx xx
96 Garages
xxxx xxx xxxxxx xx xxxxx xxxxxxx xxx xxxx xxxxx xx xxxxxxxx xxx xxxxx xxxxxx xxx xx xxxx xxxxx xxxxxxx xxxx xxx xxxxxx xx xxxxx xxxxxxx xxx xxxx xxxxx xx xxxxxxxx xxx xxxxx xxxxxx xxx xx xxxx xxxxx xxxxxxx xxxx xxx xxxxxx xx xxxxx xx
97 Garage Door Repair
xxxx xxx xxxxxx xx xxxxx xxxxxxx xxx xxxx xxxxx xx xxxxxxxx xxx xxxxx xxxxxx xxx xx xxxx xxxxx xxxxxxx xxxx xxx xxxxxx xx xxxxx xxxxxxx xxx xxxx xxxxx xx xxxxxxxx xxx xxxxx xxxxxx xxx xx xxxx xxxxx xxxxxxx xxxx xxx xxxxxx xx xxxxx xx
99 Gutters
xxxx xxx xxxxxx xx xxxxx xxxxxxx xxx xxxx xxxxx xx xxxxxxxx xxx xxxxx xxxxxx xxx xx xxxx xxxxx xxxxxxx xxxx xxx xxxxxx xx xxxxx xxxxxxx xxx xxxx xxxxx xx xxxxxxxx xxx xxxxx xxxxxx xxx xx xxxx xxxxx xxxxxxx xxxx xxx xxxxxx xx xxxxx xx
105 Hauling
xxxx xxx xxxxxx xx xxxxx xxxxxxx xxx xxxx xxxxx xx xxxxxxxx xxx xxxxx xxxxxx xxx xx xxxx xxxxx xxxxxxx xxxx xxx xxxxxx xx xxxxx xxxxxxx xxx xxxx xxxxx xx xxxxxxxx xxx xxxxx xxxxxx xxx xx xxxx xxxxx xxxxxxx xxxx xxx xxxxxx xx xxxxx xx
661-5520
105 Hauling
xxxx xxx xxxxxx xx xxxxx xxxxxxx xxx xxxx xxxxx xx xxxxxxxx xxx xxxxx xxxxxx xxx xx xxxx xxxxx xxxxxxx xxxx xxx xxxxxx xx xxxxx xxxxxxx xxx xxxx xxxxx xx xxxxxxxx xxx xxxxx xx
P & S MOVERS
108 Heating & Cooling
xxxx xxx xxxxxx xx xxxxx xxxxxxx xxx xxxx xxxxx xx xxxxxxxx xxx xxxxx xxxxxx xxx xx xxxx xxxxx xxxxxxx xxxx xxx xxxxxx xx xxxxx xxxxxxx xxx xxxx xxxxx xx xxxxxxxx xxx xxxxx xx
113 Housecleaning
xxxx xxx xxxxxx xx xxxxx xxxxxxx xxx xxxx xxxxx xx xxxxxxxx xxx xxxxx xxxxxx xxx xx xxxx xxxxx xxxxxxx xxxx xxx xxxxxx xx xxxxx xxxxxxx xxx xxxx xxxxx xx xxxxxxxx xxx xxxxx xx
135 Lawn Maintenance
xxxx xxx xxxxxx xx xxxxx xxxxxxx xxx xxxx xxxxx xx xxxxxxxx xxx xxxxx xxxxxx xxx xx xxxx xxxxx xxxxxxx xxxx xxx xxxxxx xx xxxxx xxxxxxx xxx xxxx xxxxx xx xxxxxxxx xxx xxxxx xx
142 Linoleum
xxxx xxx xxxxxx xx xxxxx xxxxxxx xxx xxxx xxxxx xx xxxxxxxx xxx xxxxx xxxxxx xxx xx xxxx xxxxx xxxxxxx xxxx xxx xxxxxx xx xxxxx xxxxxxx xxx xxxx xxxxx xx xxxxxxxx xxx xxxxx xx
150 Moving & Storage
xxxx xxx xxxxxx xx xxxxx xxxxxxx xxx xxxx xxxxx xx xxxxxxxx xxx xxxxx xxxxxx xxx xx xxxx xxxxx xxxxxxx xxxx xxx xxxxxx xx xxxxx xxxxxxx xxx xxxx xxxxx xx xxxxxxxx xxx xxxxx xx
152 Mirrors
xxxx xxx xxxxxx xx xxxxx xxxxxxx xxx xxxx xxxxx xx xxxxxxxx xxx xxxxx xxxxxx xxx xx xxxx xxxxx xxxxxxx xxxx xxx xxxxxx xx xxxxx xxxxxxx xxx xxxx xxxxx xx xxxxxxxx xxx xxxxx xx
155 Painting/Decorating
xxxx xxx xxxxxx xx xxxxx xxxxxxx xxx xxxx xxxxx xx xxxxxxxx xxx xxxxx xxxxxx xxx xx xxxx xxxxx xxxxxxx xxxx xxx xxxxxx xx xxxxx xxxxxxx xxx xxxx xxxxx xx xxxxxxxx xxx xxxxx xx
421-2241
155 Painting/Decorating
xxxx xxx xxxxxx xx xxxxx xxxxxxx xxx xxxx xxxxx xx xxxxxxxx xxx xxxxx xxxxxx xxx xx xxxx xxxxx xxxxxxx xxxx xxx xxxxxx xx xxxxx xxxxxxx xxx xxxx xxxxx xx xxxxxxxx xxx xxxxx xxxxxx xxx xx xxxx xxxxx xxxxxxx xxxx xxx xxxxxx xx xxxxx xxxxxxx xxx xxxx xxxxx xx xxxxxxxx xxx xxxxx xxxxxx xxx xx xxxx xxxxx xxxxxxx xxxx xxx xxxxxx xx xxxxx xxxxxxx xxx xxxx xxxxx xx xxxxxxxx xxx xxxxx xxxxxx xxx xx xxxx xxxxx xxxxxxx xxxx xxx xxxxxx xx xxxxx xxxxxxx xxx xxxx xxxxx xx xxxxxxxx xxx xxxxx xxxxxx xxx xx xxxx xxxxx xxxxxxx xxxx xxx xxxxxx xx xxxxx xxxxxxx xxx xxxx xxxxx xx xxxxxxxx xxx xxxxx xxxxxx xxx xx xxxx xxxxx xxxxxxx xxxx xxx xxxxxx xx xxxxx xxxxxxx xxx xxxx xxxxx xx xxxxxxxx xxx xxxxx xxxxxx xxx xx xxxx xxxxx xxxxxxx xxxx xxx xxxxxx xx xxxxx xxxxxxx xxx xxxx xxxxx xx xxxxxxxx xxx xxxxx xxxxxx xxx xx xxxx xxxxx xxxxxxx xxxx xxx xxxxxx xx xxxxx xxxxxxx xxx xxxx xxxxx xx xxxxxxxx xxx xxxxx xxxxxx xxx xx xxxx xxxxx xxxxxxx xxxx xxx xxxxxx xx xxxxx xxxxxxx xxx xxxx xxxxx xx xxxxxxxx xxx xxxxx xxxxxx xxx xx xxxx xxxxx xxxxxxx xxxx xxx xxxxxx xx xxxxx xxxxxxx xxx xxxx xxxxx xx xxxxxxxx xxx xxxxx xxxxxx xxx xx xxxx xxxxx xxxxxxx xxxx xxx xxxxxx xx xxxxx xxxxxxx xxx xxxx xxxxx xx xxxxxxxx xxx xxxxx xxxxxx xxx xx xxxx xxxxx xxxxxxx xxxx xxx xxxxxx xx xxxxx xxxxxxx xxx xxxx xxxxx xx xxxxxxxx xxx xxxxx xxxxxx xxx xx xxxx xxxxx xxxxxxx xxxx xxx xxxxxx xx xxxxx xxxxxxx xxx xxxx xxxxx xx xxxxxxxx x
ABSOLUTELY THE BEST!
682-7498
200 Plastering
xxxx xxx xxxxxx xx xxxxx xxxxxxx xxx xxxx xxxxx xx xxxxxxxx xxx xxxxx xxxxxx xxx xx xxxx xxxxx xxxxxxx xxxx xxx xxxxxx xx xxxxx xxxxxxx xxx xxxx xxxxx xx xxxxxxxx xxx xxxxx xxxxxx xxx xx xxxx xxxxx xxxxxxx xxxx xxx xxxxxx xx xxxxx xxxxxxx xxx xxxx xxxxx xx xxxxxxxx xxx xxxxx xxxxxx xxx xx xxxx xxxxx xxxxxxx xxxx xxx xxxxxx xx xxxxx xxxxxxx xxx xxxx xxxxx xx xxxxxxxx xxx xxxxx xxxxxx xxx xx xxxx xxxxx xxxxxxx xxxx xxx xxxxxx xx xxxxx xxxxxxx xxx xxxx xxxxx xx xxx
BEST CHIMNEY & ROOFING CO.
215 Plumbing
xxxx xxx xxxxxx xx xxxxx xxxxxxx xxx xxxx xxxxx xx xxxxxxxx xxx xxxxx xxxxxx xxx xx xxxx xxxxx xxxxxxx xxxx xxx xxxxxx xx xxxxx xxxxxxx xxx xxxx xxxxx xx xxxxxxxx xxx xxxxx xxxxxx xxx xx xxxx xxxxx xxxxxxx xxxx xxx xxxxxx xx xxxxx xxxxxxx xxx xxxx xxxxx xx xxxxxxxx xxx xxxxx xxxxxx xxx xx xxxx xxxxx xxxxxxx xxxx xxx xxxxxx xx xxxxx xxxxxxx xxx xxxx xxxxx xx xxxxxxxx xxx xxxxx xxxxxx xxx xx xxxx xxxxx xxxxxxx xxxx xxx xxxxxx xx xxxxx xxxxxxx xxx xxxx xxxxx xx xxx
223 Roofing
xxxx xxx xxxxxx xx xxxxx xxxxxxx xxx xxxx xxxxx xx xxxxxxxx xxx xxxxx xxxxxx xxx xx xxxx xxxxx xxxxxxx xxxx xxx xxxxxx xx xxxxx xxxxxxx xxx xxxx xxxxx xx xxxxxxxx xxx xxxxx xxxxxx xxx xx xxxx xxxxx xxxxxxx xxxx xxx xxxxxx xx xxxxx xxxxxxx xxx xxxx xxxxx xx xxxxxxxx xxx xxxxx xxxxxx xxx xx xxxx xxxxx xxxxxxx xxxx xxx xxxxxx xx xxxxx xxxxxxx xxx xxxx xxxxx xx xxxxxxxx xxx xxxxx xxxxxx xxx xx xxxx xxxxx xxxxxxx xxxx xxx xxxxxx xx xxxxx xxxxxxx xxx xxxx xxxxx xx xxx
557-5595
233 Roofing
xxxx xxx xxxxxx xx xxxxx xxxxxxx xxx xxxx xxxxx xx xxxxxxxx xxx xxxxx xxxxxx xxx xx xxxx xxxxx xxxxxxx xxxx xxx xxxxxx xx xxxxx xxxxxxx xxx xxxx xxxxx xx xxxxxxxx xxx xxxxx xx
LaCOURE
245 Sewing Machine Repair
xxxx xxx xxxxxx xx xxxxx xxxxxxx xxx xxxx xxxxx xx xxxxxxxx xxx xxxxx xxxxxx xxx xx xxxx xxxxx xxxxxxx xxxx xxx xxxxxx xx xxxxx xxxxxxx xxx xxxx xxxxx xx xxxxxxxx xxx xxxxx xx
253 Snow Removal
xxxx xxx xxxxxx xx xxxxx xxxxxxx xxx xxxx xxxxx xx xxxxxxxx xxx xxxxx xxxxxx xxx xx xxxx xxxxx xxxxxxx xxxx xxx xxxxxx xx xxxxx xxxxxxx xxx xxxx xxxxx xx xxxxxxxx xxx xxxxx xx
259 Tile Work
xxxx xxx xxxxxx xx xxxxx xxxxxxx xxx xxxx xxxxx xx xxxxxxxx xxx xxxxx xxxxxx xxx xx xxxx xxxxx xxxxxxx xxxx xxx xxxxxx xx xxxxx xxxxxxx xxx xxxx xxxxx xx xxxxxxxx xxx xxxxx xx
273 Tree Service
xxxx xxx xxxxxx xx xxxxx xxxxxxx xxx xxxx xxxxx xx xxxxxxxx xxx xxxxx xxxxxx xxx xx xxxx xxxxx xxxxxxx xxxx xxx xxxxxx xx xxxxx xxxxxxx xxx xxxx xxxxx xx xxxxxxxx xxx xxxxx xx
277 Upholstery
xxxx xxx xxxxxx xx xxxxx xxxxxxx xxx xxxx xxxxx xx xxxxxxxx xxx xxxxx xxxxxx xxx xx xxxx xxxxx xxxxxxx xxxx xxx xxxxxx xx xxxxx xxxxxxx xxx xxxx xxxxx xx xxxxxxxx xxx xxxxx xx
284 Wallpapering
xxxx xxx xxxxxx xx xxxxx xxxxxxx xxx xxxx xxxxx xx xxxxxxxx xxx xxxxx xxxxxx xxx xx xxxx xxxxx xxxxxxx xxxx xxx xxxxxx xx xxxxx xxxxxxx xxx xxxx xxxxx xx xxxxxxxx xxx xxxxx xx
297 Windows
xxxx xxx xxxxxx xx xxxxx xxxxxxx xxx xxxx xxxxx xx xxxxxxxx xxx xxxxx xxxxxx xxx xx xxxx xxxxx xxxxxxx xxxx xxx xxxxxx xx xxxxx xxxxxxx xxx xxxx xxxxx xx xxxxxxxx xxx xxxxx xx
354-3213
